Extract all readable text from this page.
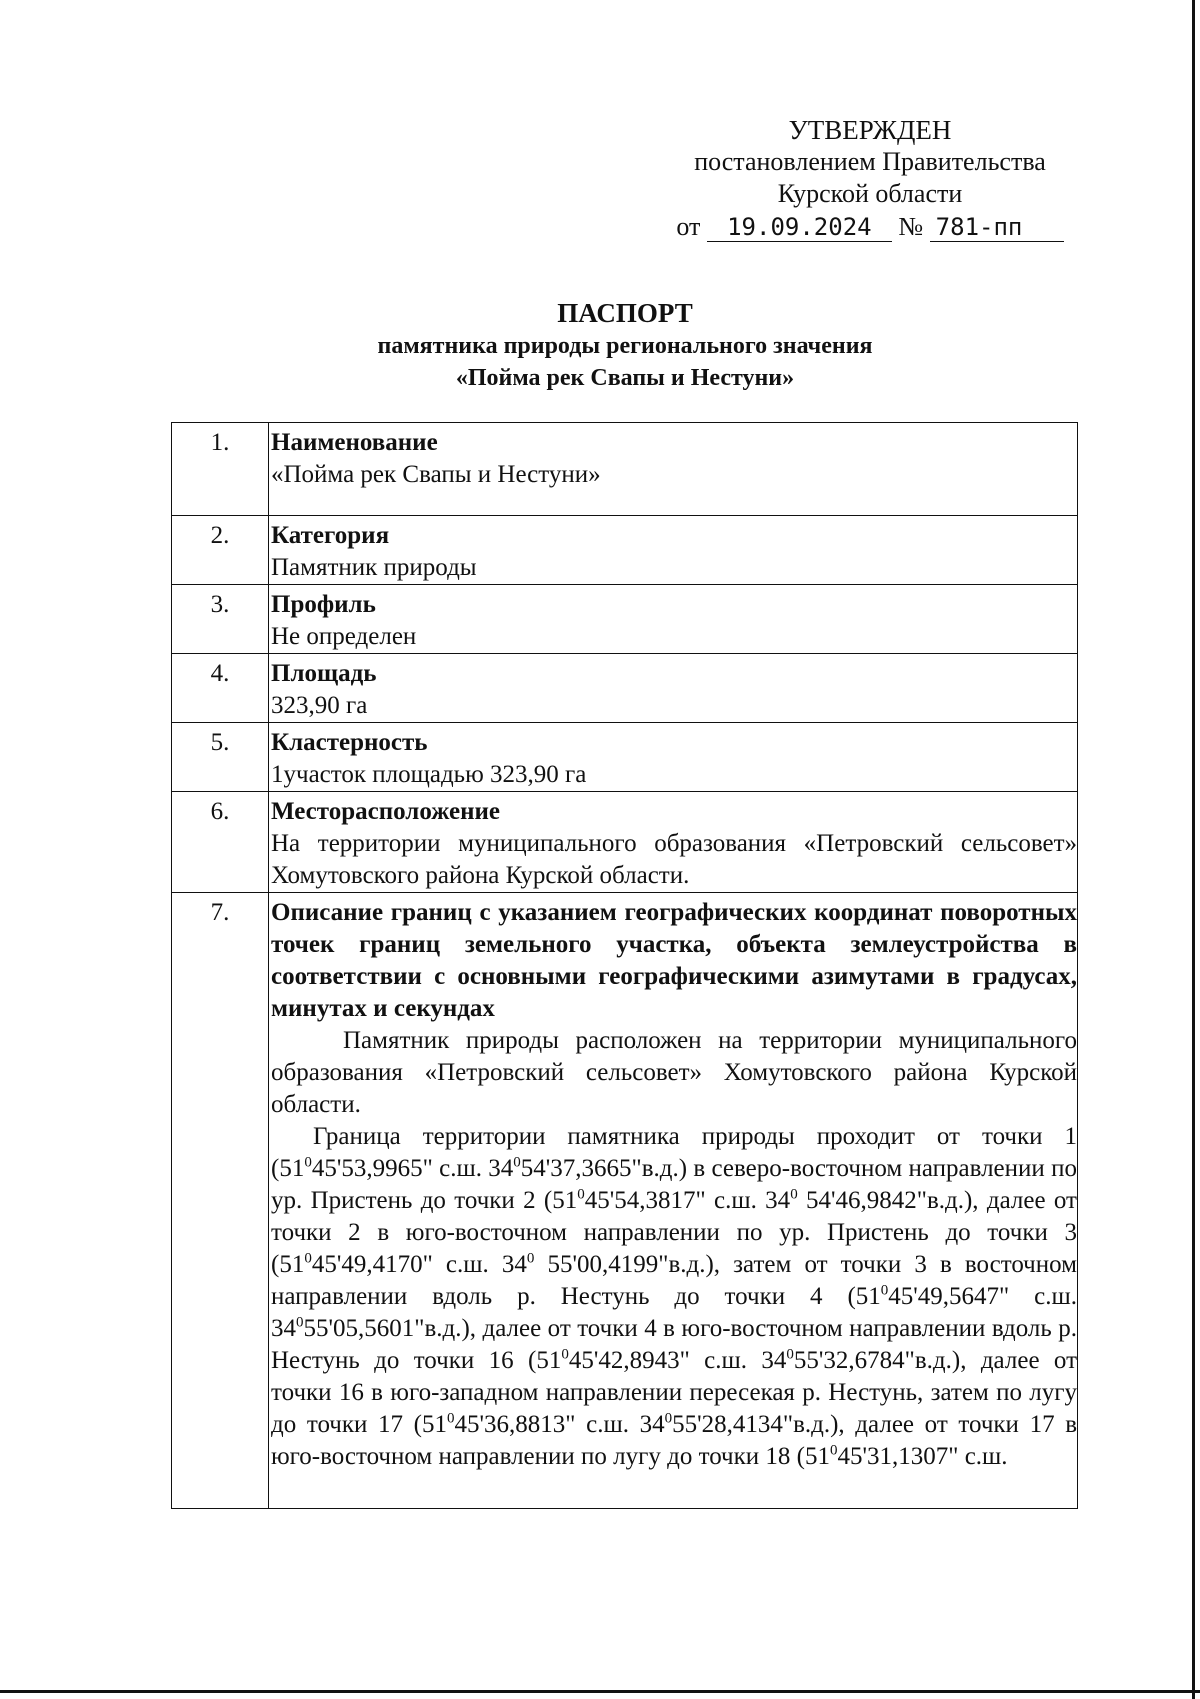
УТВЕРЖДЕН
постановлением Правительства
Курской области
от 19.09.2024 № 781-пп
ПАСПОРТ
памятника природы регионального значения
«Пойма рек Свапы и Нестуни»
1.	Наименование
«Пойма рек Свапы и Нестуни»

2.	Категория
Памятник природы

3.	Профиль
Не определен

4.	Площадь
323,90 га

5.	Кластерность
1участок площадью 323,90 га

6.	Месторасположение
На территории муниципального образования «Петровский сельсовет» Хомутовского района Курской области.

7.	Описание границ с указанием географических координат поворотных точек границ земельного участка, объекта землеустройства в соответствии с основными географическими азимутами в градусах, минутах и секундах
Памятник природы расположен на территории муниципального образования «Петровский сельсовет» Хомутовского района Курской области.
Граница территории памятника природы проходит от точки 1 ($51^045'53,9965$" с.ш. $34^054'37,3665"в.д$.) в северо-восточном направлении по ур. Пристень до точки 2 ($51^045'54,3817$" с.ш. $34^0$ 54'46,9842"в.д.), далее от точки 2 в юго-восточном направлении по ур. Пристень до точки 3 ($51^045'49,4170$" с.ш. $34^0$ 55'00,4199"в.д.), затем от точки 3 в восточном направлении вдоль р. Нестунь до точки 4 ($51^045'49,5647$" с.ш. $34^055'05,5601"в.д$.), далее от точки 4 в юго-восточном направлении вдоль р. Нестунь до точки 16 ($51^045'42,8943$" с.ш. $34^055'32,6784"в.д$.), далее от точки 16 в юго-западном направлении пересекая р. Нестунь, затем по лугу до точки 17 ($51^045'36,8813$" с.ш. $34^055'28,4134"в.д$.), далее от точки 17 в юго-восточном направлении по лугу до точки 18 ($51^045'31,1307$" с.ш.
